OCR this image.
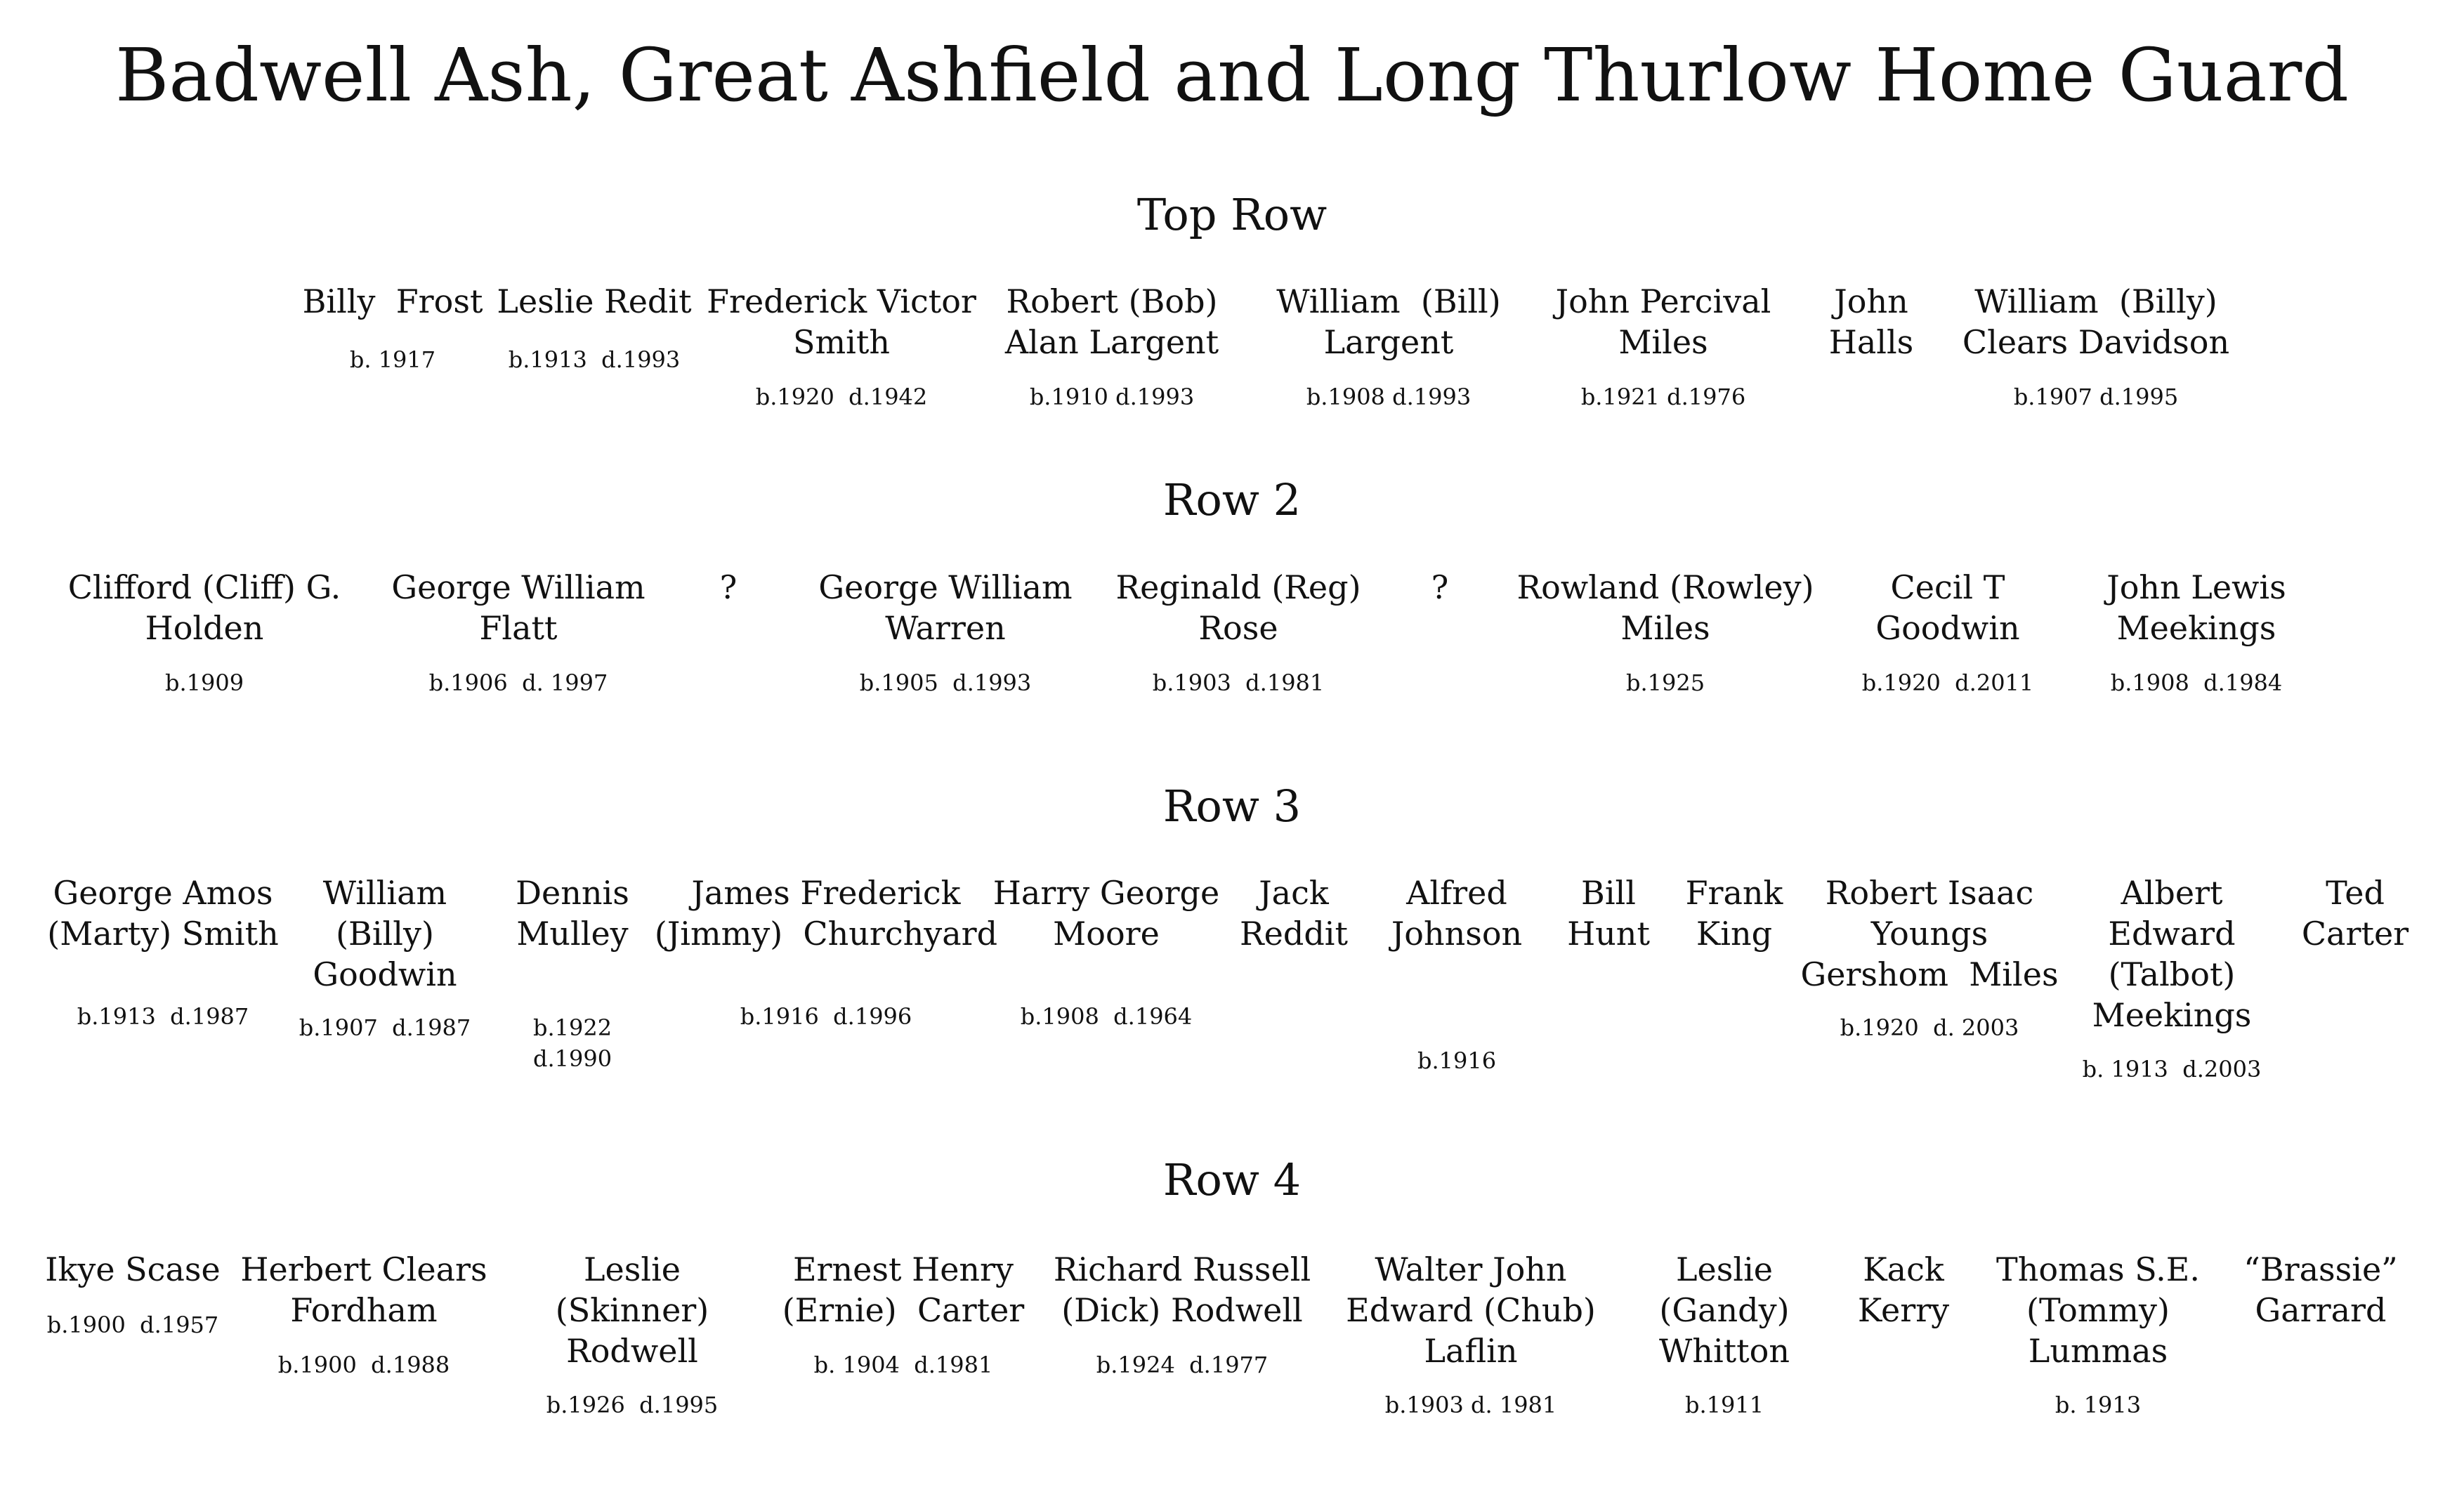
Badwell Ash, Great Ashfield and Long Thurlow Home Guard
Top Row
Billy  Frost
b. 1917
Leslie Redit
b.1913  d.1993
Frederick Victor
Smith
b.1920  d.1942
Robert (Bob)
Alan Largent
b.1910 d.1993
William  (Bill)
Largent
b.1908 d.1993
John Percival
Miles
b.1921 d.1976
John
Halls
William  (Billy)
Clears Davidson
b.1907 d.1995
Row 2
Clifford (Cliff) G.
Holden
b.1909
George William
Flatt
b.1906  d. 1997
?	George William
Warren
b.1905  d.1993
Reginald (Reg)
Rose
b.1903  d.1981
? Rowland (Rowley)
Miles
b.1925
Cecil T
Goodwin
b.1920  d.2011
John Lewis
Meekings
b.1908  d.1984
Row 3
George Amos
(Marty) Smith
b.1913  d.1987
William
(Billy)
Goodwin
b.1907  d.1987
Dennis
Mulley
b.1922
d.1990
James Frederick
(Jimmy)  Churchyard
b.1916  d.1996
Harry George
Moore
b.1908  d.1964
Jack
Reddit
Alfred
Johnson
b.1916
Bill
Hunt
Frank
King
Robert Isaac
Youngs
Gershom  Miles
b.1920  d. 2003
Albert
Edward
(Talbot)
Meekings
b. 1913  d.2003
Ted
Carter
Row 4
Ikye Scase
b.1900  d.1957
Herbert Clears
Fordham
b.1900  d.1988
Leslie
(Skinner)
Rodwell
b.1926  d.1995
Ernest Henry
(Ernie)  Carter
b. 1904  d.1981
Richard Russell
(Dick) Rodwell
b.1924  d.1977
Walter John
Edward (Chub)
Laflin
b.1903 d. 1981
Leslie
(Gandy)
Whitton
b.1911
Kack
Kerry
Thomas S.E.
(Tommy)
Lummas
b. 1913
“Brassie”
Garrard
